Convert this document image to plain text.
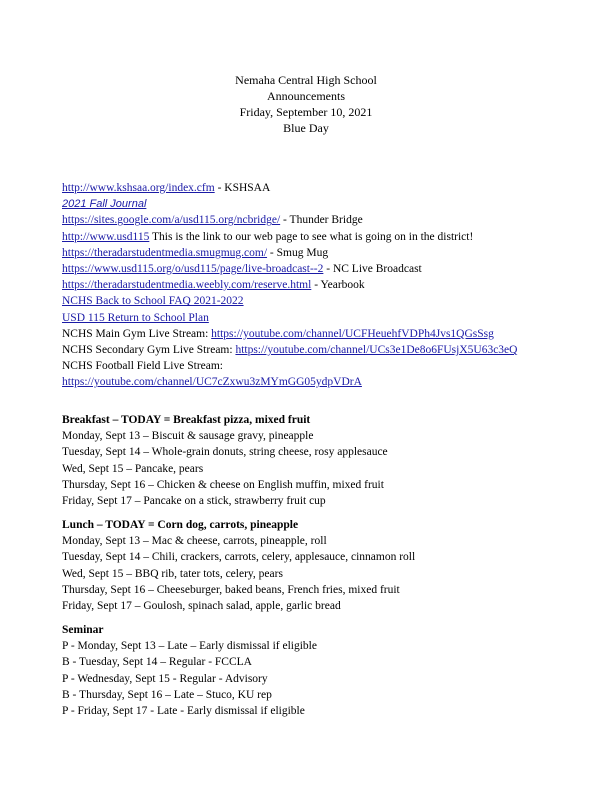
Nemaha Central High School
Announcements
Friday, September 10, 2021
Blue Day
http://www.kshsaa.org/index.cfm - KSHSAA
2021 Fall Journal
https://sites.google.com/a/usd115.org/ncbridge/ - Thunder Bridge
http://www.usd115 This is the link to our web page to see what is going on in the district!
https://theradarstudentmedia.smugmug.com/ - Smug Mug
https://www.usd115.org/o/usd115/page/live-broadcast--2 - NC Live Broadcast
https://theradarstudentmedia.weebly.com/reserve.html - Yearbook
NCHS Back to School FAQ 2021-2022
USD 115 Return to School Plan
NCHS Main Gym Live Stream: https://youtube.com/channel/UCFHeuehfVDPh4Jvs1QGsSsg
NCHS Secondary Gym Live Stream: https://youtube.com/channel/UCs3e1De8o6FUsjX5U63c3eQ
NCHS Football Field Live Stream:
https://youtube.com/channel/UC7cZxwu3zMYmGG05ydpVDrA
Breakfast – TODAY = Breakfast pizza, mixed fruit
Monday, Sept 13 – Biscuit & sausage gravy, pineapple
Tuesday, Sept 14 – Whole-grain donuts, string cheese, rosy applesauce
Wed, Sept 15 – Pancake, pears
Thursday, Sept 16 – Chicken & cheese on English muffin, mixed fruit
Friday, Sept 17 – Pancake on a stick, strawberry fruit cup
Lunch – TODAY = Corn dog, carrots, pineapple
Monday, Sept 13 – Mac & cheese, carrots, pineapple, roll
Tuesday, Sept 14 – Chili, crackers, carrots, celery, applesauce, cinnamon roll
Wed, Sept 15 – BBQ rib, tater tots, celery, pears
Thursday, Sept 16 – Cheeseburger, baked beans, French fries, mixed fruit
Friday, Sept 17 – Goulosh, spinach salad, apple, garlic bread
Seminar
P - Monday, Sept 13 – Late – Early dismissal if eligible
B - Tuesday, Sept 14 – Regular - FCCLA
P - Wednesday, Sept 15 - Regular - Advisory
B - Thursday, Sept 16 – Late – Stuco, KU rep
P - Friday, Sept 17 - Late - Early dismissal if eligible
